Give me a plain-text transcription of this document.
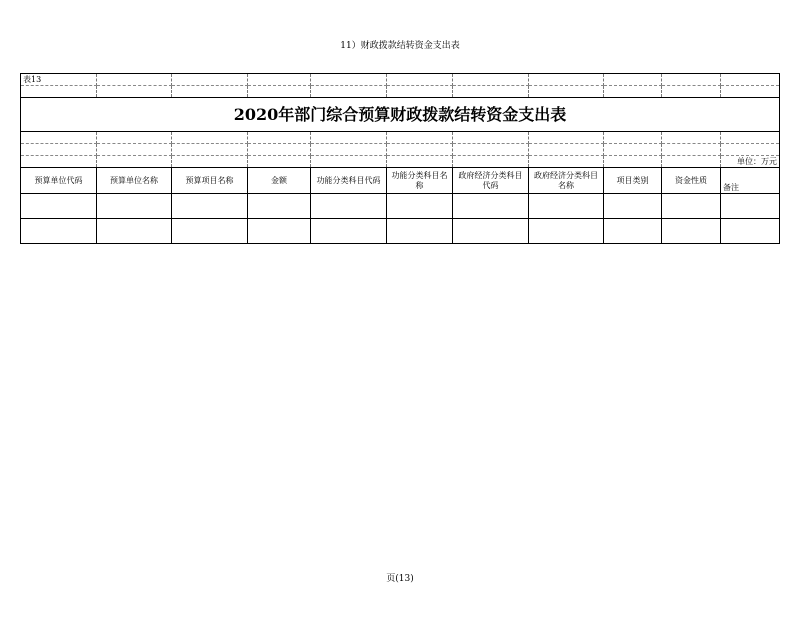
11）财政拨款结转资金支出表
表13										

2020年部门综合预算财政拨款结转资金支出表										

										单位：万元
预算单位代码	预算单位名称	预算项目名称	金额	功能分类科目代码	功能分类科目名称	政府经济分类科目代码	政府经济分类科目名称	项目类别	资金性质	备注

页(13)
